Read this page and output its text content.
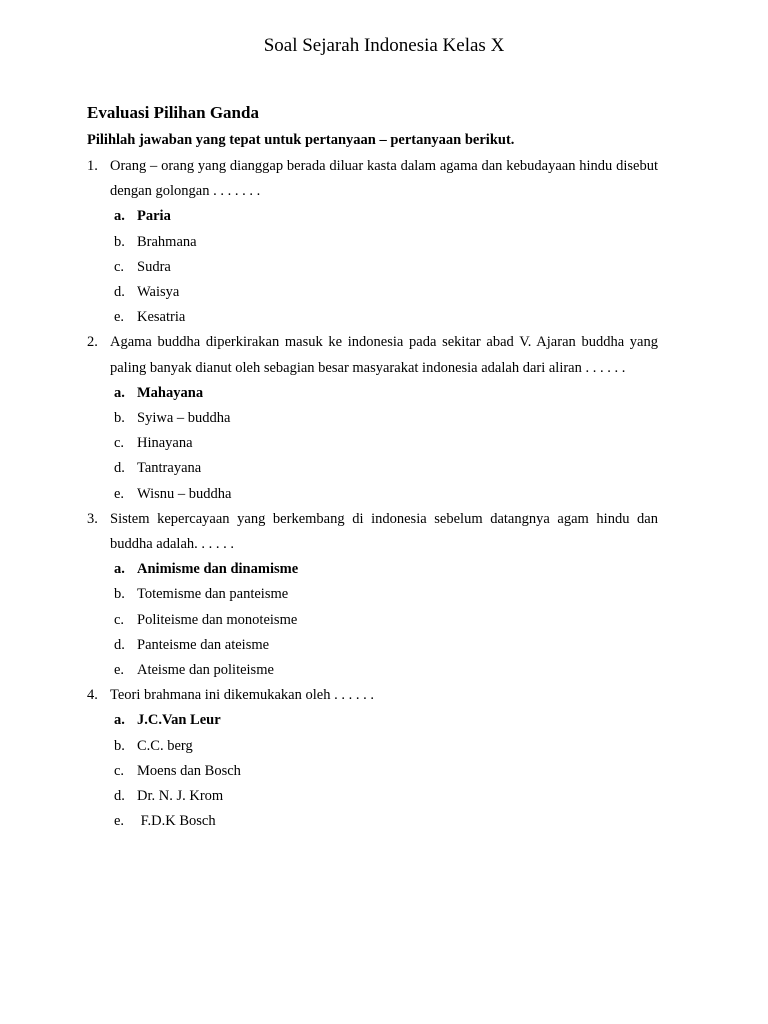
Soal Sejarah Indonesia Kelas X
Evaluasi Pilihan Ganda
Pilihlah jawaban yang tepat untuk pertanyaan – pertanyaan berikut.
1. Orang – orang yang dianggap berada diluar kasta dalam agama dan kebudayaan hindu disebut dengan golongan . . . . . . .
a. Paria
b. Brahmana
c. Sudra
d. Waisya
e. Kesatria
2. Agama buddha diperkirakan masuk ke indonesia pada sekitar abad V. Ajaran buddha yang paling banyak dianut oleh sebagian besar masyarakat indonesia adalah dari aliran . . . . . .
a. Mahayana
b. Syiwa – buddha
c. Hinayana
d. Tantrayana
e. Wisnu – buddha
3. Sistem kepercayaan yang berkembang di indonesia sebelum datangnya agam hindu dan buddha adalah. . . . . .
a. Animisme dan dinamisme
b. Totemisme dan panteisme
c. Politeisme dan monoteisme
d. Panteisme dan ateisme
e. Ateisme dan politeisme
4. Teori brahmana ini dikemukakan oleh . . . . . .
a. J.C.Van Leur
b. C.C. berg
c. Moens dan Bosch
d. Dr. N. J. Krom
e. F.D.K Bosch
